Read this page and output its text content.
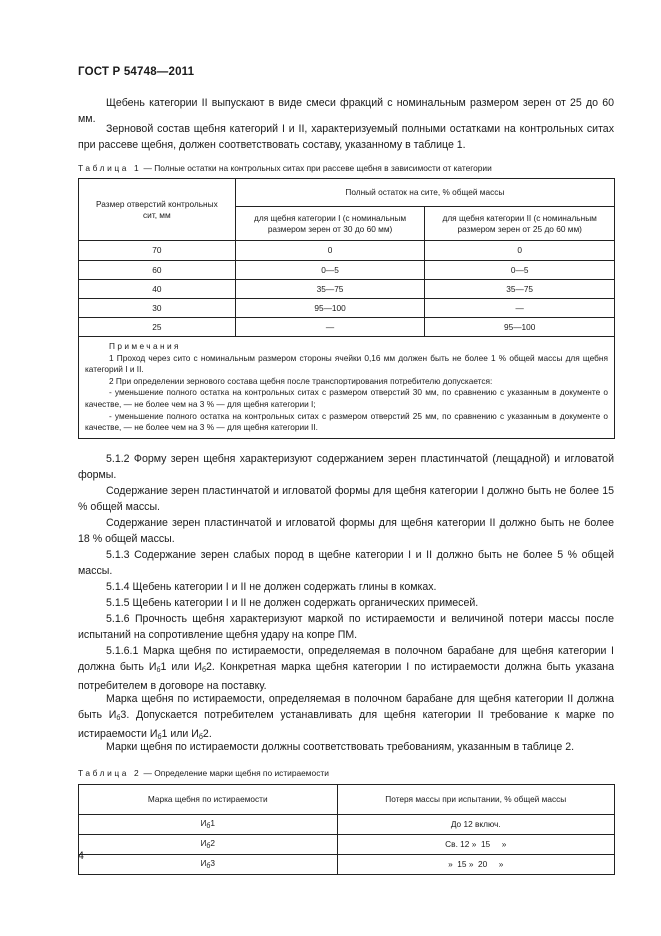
ГОСТ Р 54748—2011

Щебень категории II выпускают в виде смеси фракций с номинальным размером зерен от 25 до 60 мм.

Зерновой состав щебня категорий I и II, характеризуемый полными остатками на контрольных ситах при рассеве щебня, должен соответствовать составу, указанному в таблице 1.

Таблица 1 — Полные остатки на контрольных ситах при рассеве щебня в зависимости от категории
Размер отверстий контрольных сит, мм	Полный остаток на сите, % общей массы	
	для щебня категории I (с номинальным размером зерен от 30 до 60 мм)	для щебня категории II (с номинальным размером зерен от 25 до 60 мм)
70	0	0
60	0—5	0—5
40	35—75	35—75
30	95—100	—
25	—	95—100

Примечания
1 Проход через сито с номинальным размером стороны ячейки 0,16 мм должен быть не более 1 % общей массы для щебня категорий I и II.
2 При определении зернового состава щебня после транспортирования потребителю допускается:
- уменьшение полного остатка на контрольных ситах с размером отверстий 30 мм, по сравнению с указанным в документе о качестве, — не более чем на 3 % — для щебня категории I;
- уменьшение полного остатка на контрольных ситах с размером отверстий 25 мм, по сравнению с указанным в документе о качестве, — не более чем на 3 % — для щебня категории II.		

5.1.2 Форму зерен щебня характеризуют содержанием зерен пластинчатой (лещадной) и игловатой формы.

Содержание зерен пластинчатой и игловатой формы для щебня категории I должно быть не более 15 % общей массы.

Содержание зерен пластинчатой и игловатой формы для щебня категории II должно быть не более 18 % общей массы.

5.1.3 Содержание зерен слабых пород в щебне категории I и II должно быть не более 5 % общей массы.

5.1.4 Щебень категории I и II не должен содержать глины в комках.

5.1.5 Щебень категории I и II не должен содержать органических примесей.

5.1.6 Прочность щебня характеризуют маркой по истираемости и величиной потери массы после испытаний на сопротивление щебня удару на копре ПМ.

5.1.6.1 Марка щебня по истираемости, определяемая в полочном барабане для щебня категории I должна быть $И_б1$ или $И_б2$. Конкретная марка щебня категории I по истираемости должна быть указана потребителем в договоре на поставку.

Марка щебня по истираемости, определяемая в полочном барабане для щебня категории II должна быть $И_б3$. Допускается потребителем устанавливать для щебня категории II требование к марке по истираемости $И_б1$ или $И_б2$.

Марки щебня по истираемости должны соответствовать требованиям, указанным в таблице 2.

Таблица 2 — Определение марки щебня по истираемости
Марка щебня по истираемости	Потеря массы при испытании, % общей массы
$И_б1$	До 12 включ.
$И_б2$	Св. 12 »  15     »
$И_б3$	»  15 »  20     »
4
